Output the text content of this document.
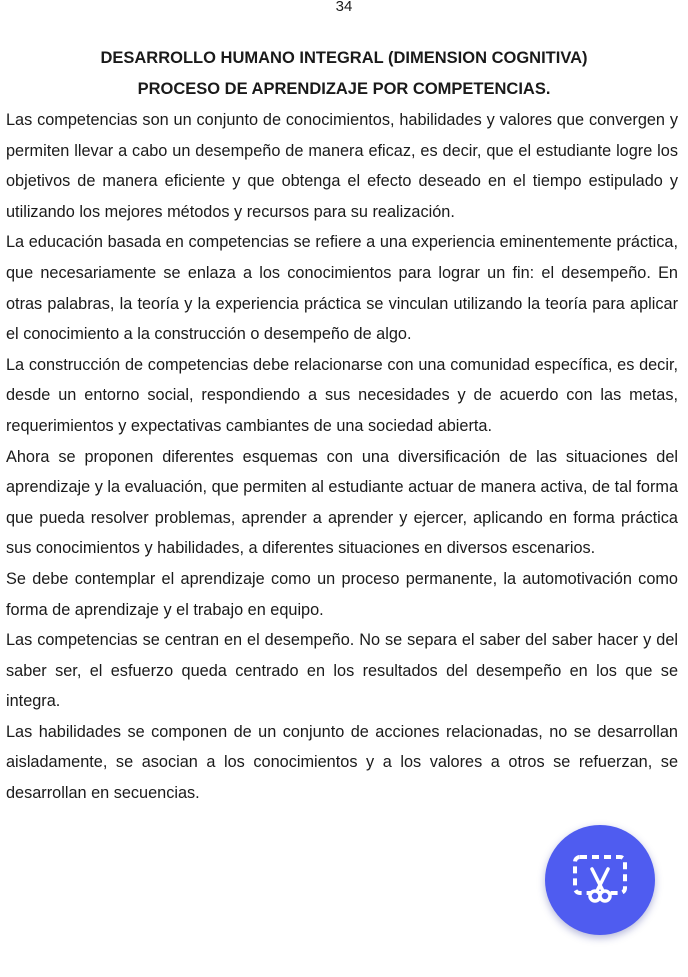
34
DESARROLLO HUMANO INTEGRAL (DIMENSION COGNITIVA)
PROCESO DE APRENDIZAJE POR COMPETENCIAS.

Las competencias son un conjunto de conocimientos, habilidades y valores que convergen y permiten llevar a cabo un desempeño de manera eficaz, es decir, que el estudiante logre los objetivos de manera eficiente y que obtenga el efecto deseado en el tiempo estipulado y utilizando los mejores métodos y recursos para su realización.

La educación basada en competencias se refiere a una experiencia eminentemente práctica, que necesariamente se enlaza a los conocimientos para lograr un fin: el desempeño. En otras palabras, la teoría y la experiencia práctica se vinculan utilizando la teoría para aplicar el conocimiento a la construcción o desempeño de algo.

La construcción de competencias debe relacionarse con una comunidad específica, es decir, desde un entorno social, respondiendo a sus necesidades y de acuerdo con las metas, requerimientos y expectativas cambiantes de una sociedad abierta.

Ahora se proponen diferentes esquemas con una diversificación de las situaciones del aprendizaje y la evaluación, que permiten al estudiante actuar de manera activa, de tal forma que pueda resolver problemas, aprender a aprender y ejercer, aplicando en forma práctica sus conocimientos y habilidades, a diferentes situaciones en diversos escenarios.

Se debe contemplar el aprendizaje como un proceso permanente, la automotivación como forma de aprendizaje y el trabajo en equipo.

Las competencias se centran en el desempeño. No se separa el saber del saber hacer y del saber ser, el esfuerzo queda centrado en los resultados del desempeño en los que se integra.

Las habilidades se componen de un conjunto de acciones relacionadas, no se desarrollan aisladamente, se asocian a los conocimientos y a los valores a otros se refuerzan, se desarrollan en secuencias.
